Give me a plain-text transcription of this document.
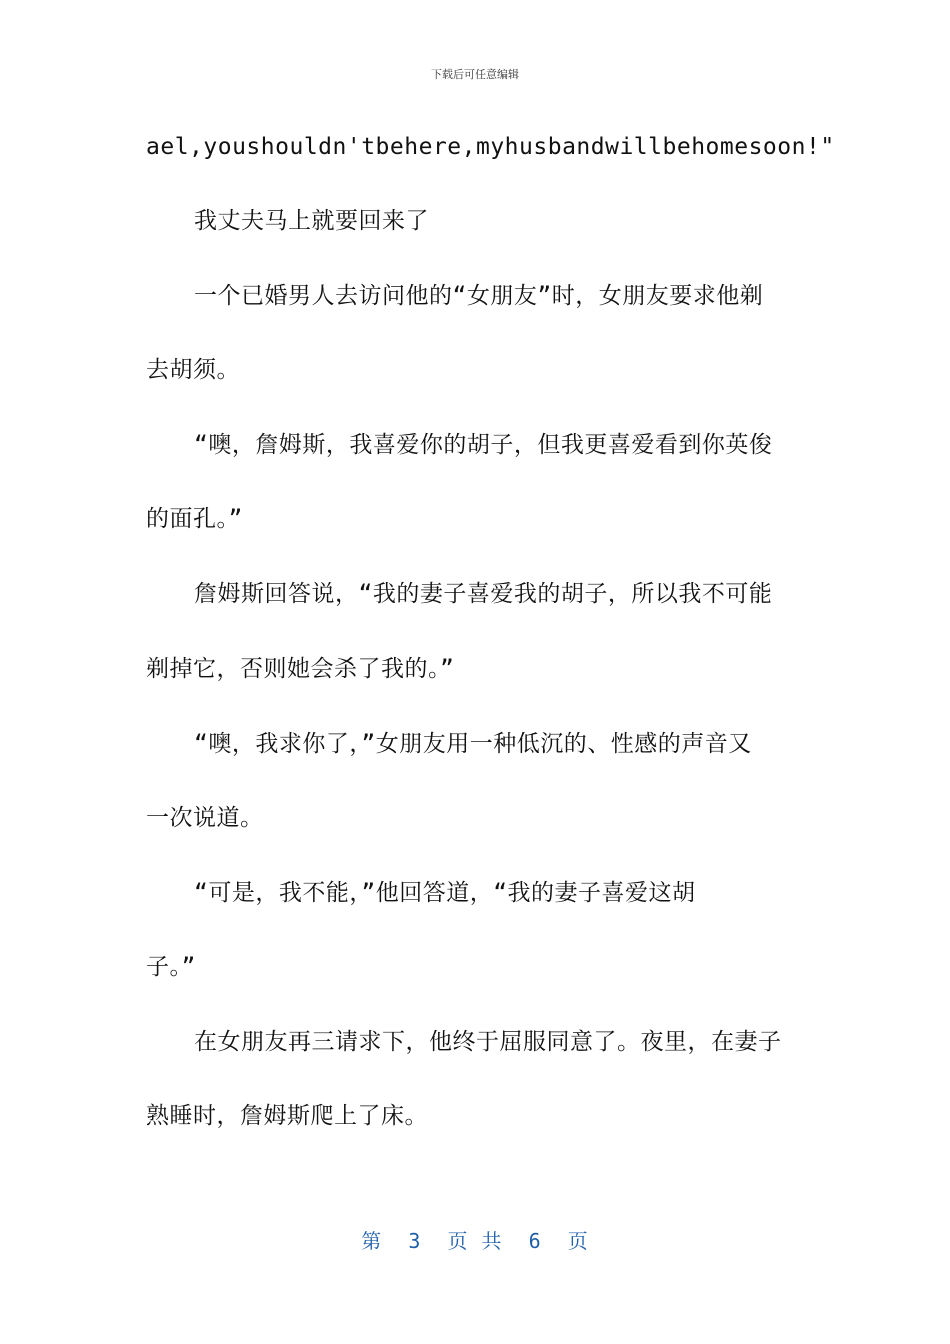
下载后可任意编辑
ael,youshouldn'tbehere,myhusbandwillbehomesoon!"
我丈夫马上就要回来了
一个已婚男人去访问他的“女朋友”时，女朋友要求他剃
去胡须。
“噢，詹姆斯，我喜爱你的胡子，但我更喜爱看到你英俊
的面孔。”
詹姆斯回答说，“我的妻子喜爱我的胡子，所以我不可能
剃掉它，否则她会杀了我的。”
“噢，我求你了，”女朋友用一种低沉的、性感的声音又
一次说道。
“可是，我不能，”他回答道，“我的妻子喜爱这胡
子。”
在女朋友再三请求下，他终于屈服同意了。夜里，在妻子
熟睡时，詹姆斯爬上了床。
第  3  页 共  6  页
